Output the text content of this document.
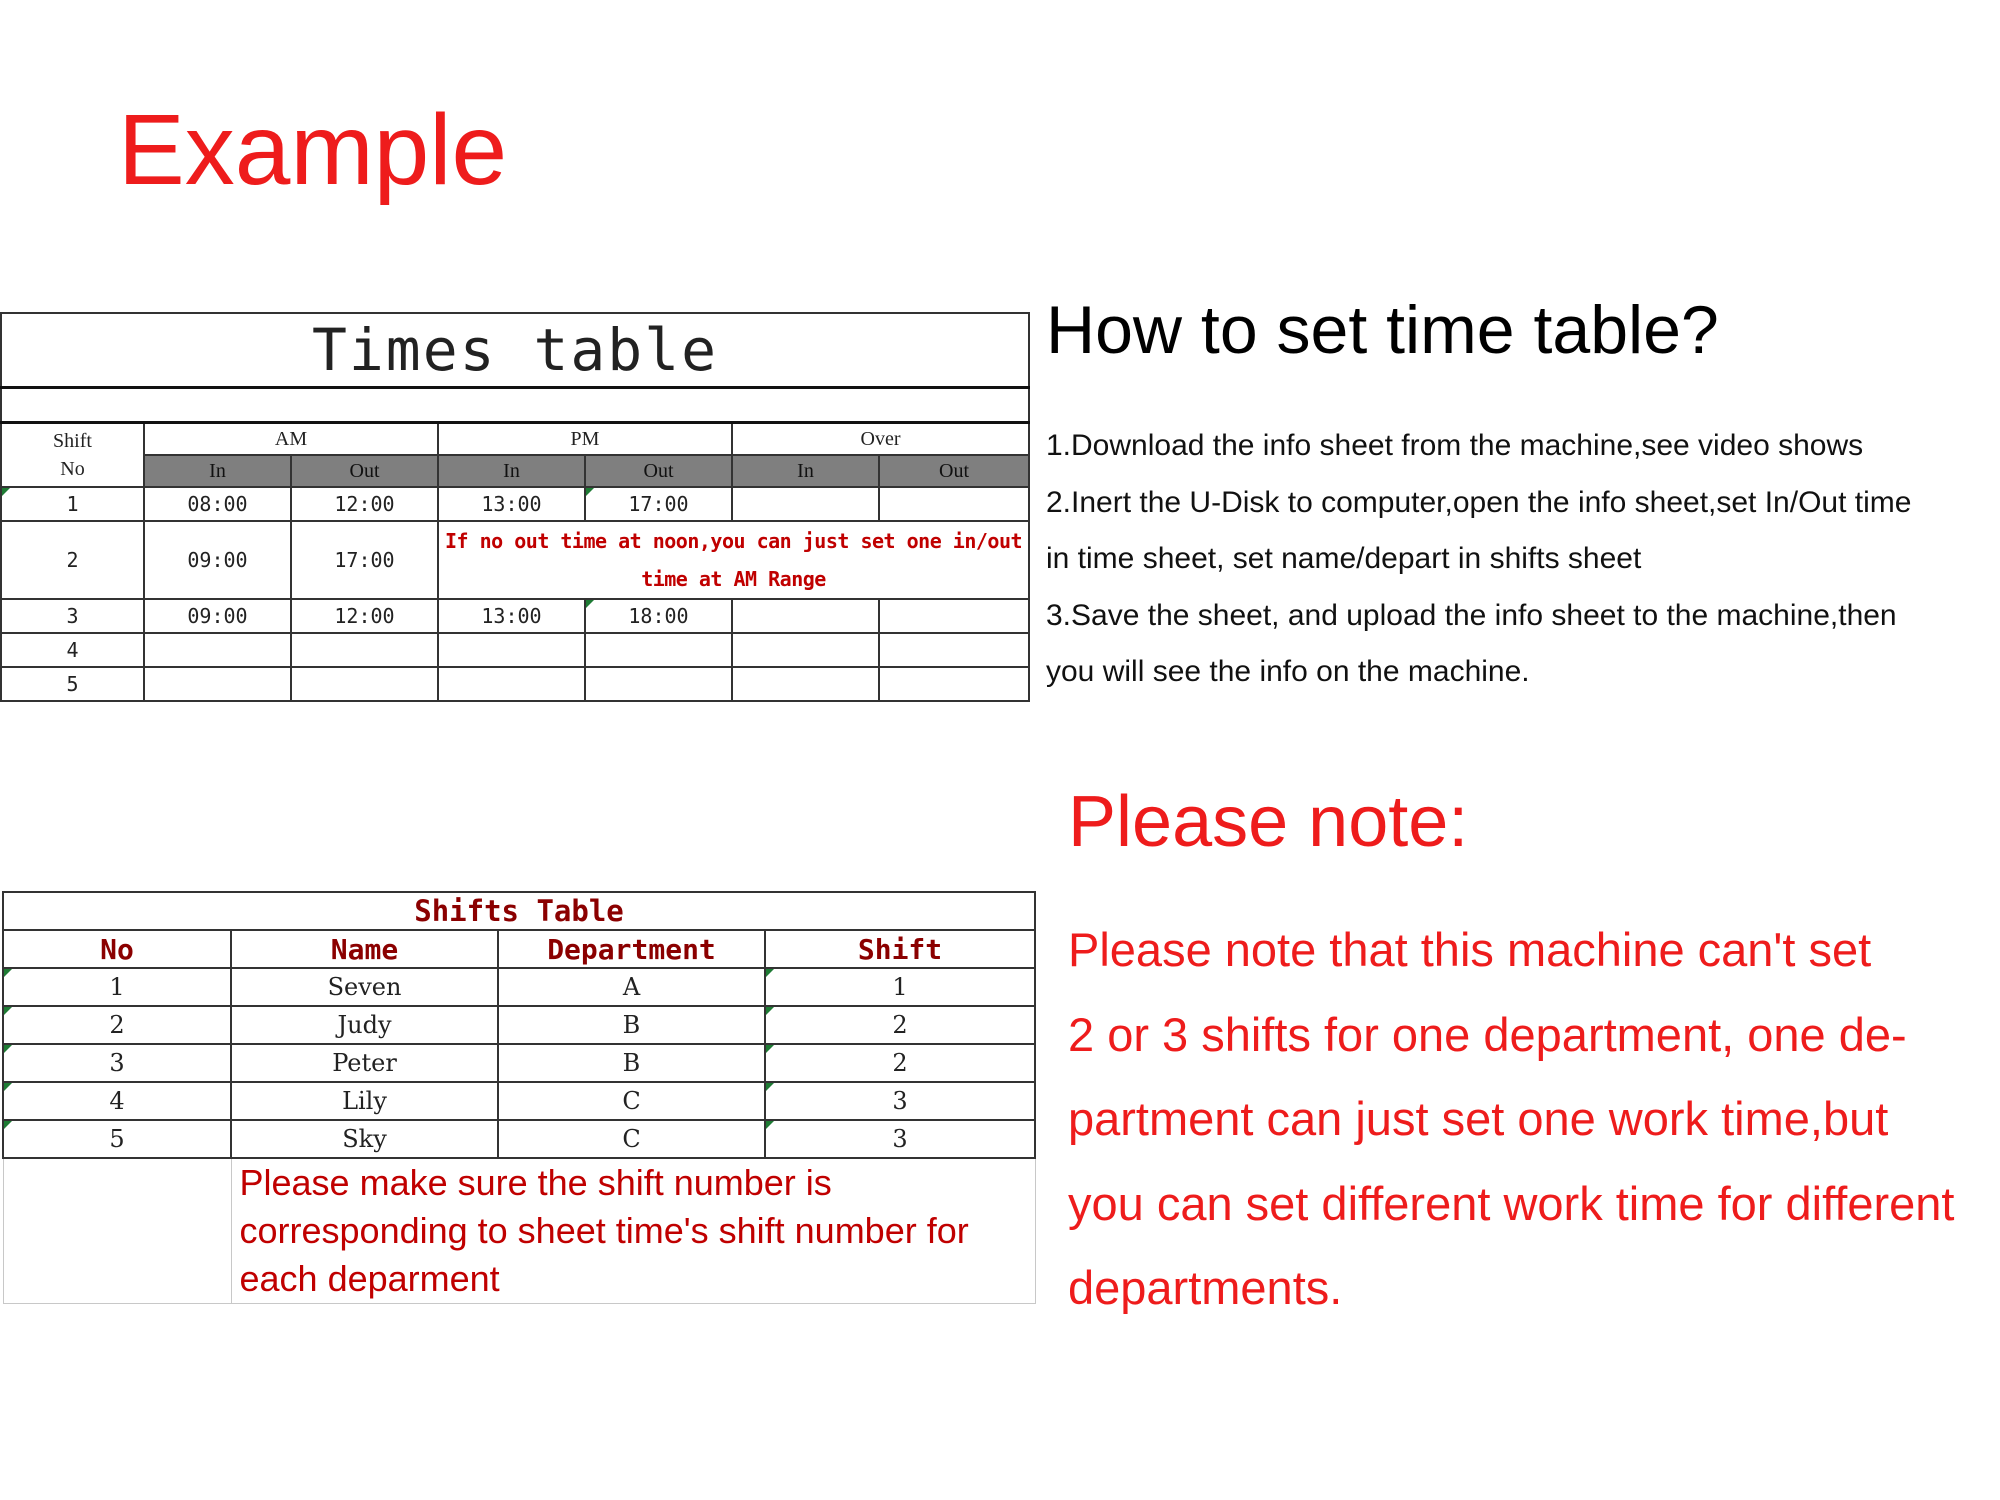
Example
Times table						

Shift
No	AM		PM		Over	
	In	Out	In	Out	In	Out
1	08:00	12:00	13:00	17:00		
2	09:00	17:00	If no out time at noon,you can just set one in/out time at AM Range			
3	09:00	12:00	13:00	18:00		
4						
5						
How to set time table?
1.Download the info sheet from the machine,see video shows
2.Inert the U-Disk to computer,open the info sheet,set In/Out time
in time sheet, set name/depart in shifts sheet
3.Save the sheet, and upload the info sheet to the machine,then
you will see the info on the machine.
Please note:
Please note that this machine can't set
2 or 3 shifts for one department, one de-
partment can just set one work time,but
you can set different work time for different
departments.
Shifts Table			
No	Name	Department	Shift
1	Seven	A	1
2	Judy	B	2
3	Peter	B	2
4	Lily	C	3
5	Sky	C	3
	Please make sure the shift number is corresponding to sheet time's shift number for each deparment		
